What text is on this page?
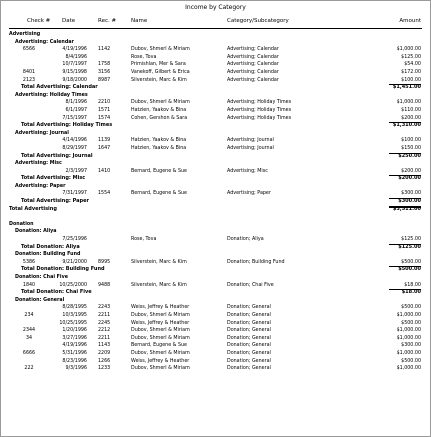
Income by Category
Check # Date	Rec. #	Name	Category/Subcategory	Amount
Advertising
Advertising: Calendar
6566	4/19/1996 1142	Dubov, Shmerl & Miriam	Advertising; Calendar	$1,000.00
8/4/1996	Rose, Tova	Advertising; Calendar	$125.00
10/7/1997 1758	Primishlan, Mer & Sara	Advertising; Calendar	$54.00
8401	9/15/1998 3156	Vanekoff, Gilbert & Erica	Advertising; Calendar	$172.00
2123	9/18/2000 8987	Silverstein, Marc & Kim	Advertising; Calendar	$100.00
Total Advertising: Calendar	$1,451.00
Advertising: Holiday Times
8/1/1996 2210	Dubov, Shmerl & Miriam	Advertising; Holiday Times	$1,000.00
6/1/1997 1571	Hatzien, Yaakov & Bina	Advertising; Holiday Times	$110.00
7/15/1997 1574	Cohen, Gershon & Sara	Advertising; Holiday Times	$200.00
Total Advertising: Holiday Times	$1,310.00
Advertising: Journal
4/14/1996 1139	Hatzien, Yaakov & Bina	Advertising; Journal	$100.00
8/29/1997 1647	Hatzien, Yaakov & Bina	Advertising; Journal	$150.00
Total Advertising: Journal	$250.00
Advertising: Misc
2/3/1997 1410	Bernard, Eugene & Sue	Advertising; Misc	$200.00
Total Advertising: Misc	$200.00
Advertising: Paper
7/31/1997 1554	Bernard, Eugene & Sue	Advertising; Paper	$300.00
Total Advertising: Paper	$300.00
Total Advertising	$3,511.00
Donation
Donation: Aliya
7/25/1996	Rose, Tova	Donation; Aliya	$125.00
Total Donation: Aliya	$125.00
Donation: Building Fund
5386	9/21/2000 8995	Silverstein, Marc & Kim	Donation; Building Fund	$500.00
Total Donation: Building Fund	$500.00
Donation: Chai Five
1840	10/25/2000 9488	Silverstein, Marc & Kim	Donation; Chai Five	$18.00
Total Donation: Chai Five	$18.00
Donation: General
8/28/1995 2243	Weiss, Jeffrey & Heather	Donation; General	$500.00
234	10/3/1995 2211	Dubov, Shmerl & Miriam	Donation; General	$1,000.00
10/25/1995 2245	Weiss, Jeffrey & Heather	Donation; General	$500.00
2344	1/20/1996 2212	Dubov, Shmerl & Miriam	Donation; General	$1,000.00
34	3/27/1996 2211	Dubov, Shmerl & Miriam	Donation; General	$1,000.00
4/19/1996 1143	Bernard, Eugene & Sue	Donation; General	$300.00
6666	5/31/1996 2209	Dubov, Shmerl & Miriam	Donation; General	$1,000.00
8/23/1996 1266	Weiss, Jeffrey & Heather	Donation; General	$500.00
222	9/3/1996 1233	Dubov, Shmerl & Miriam	Donation; General	$1,000.00
